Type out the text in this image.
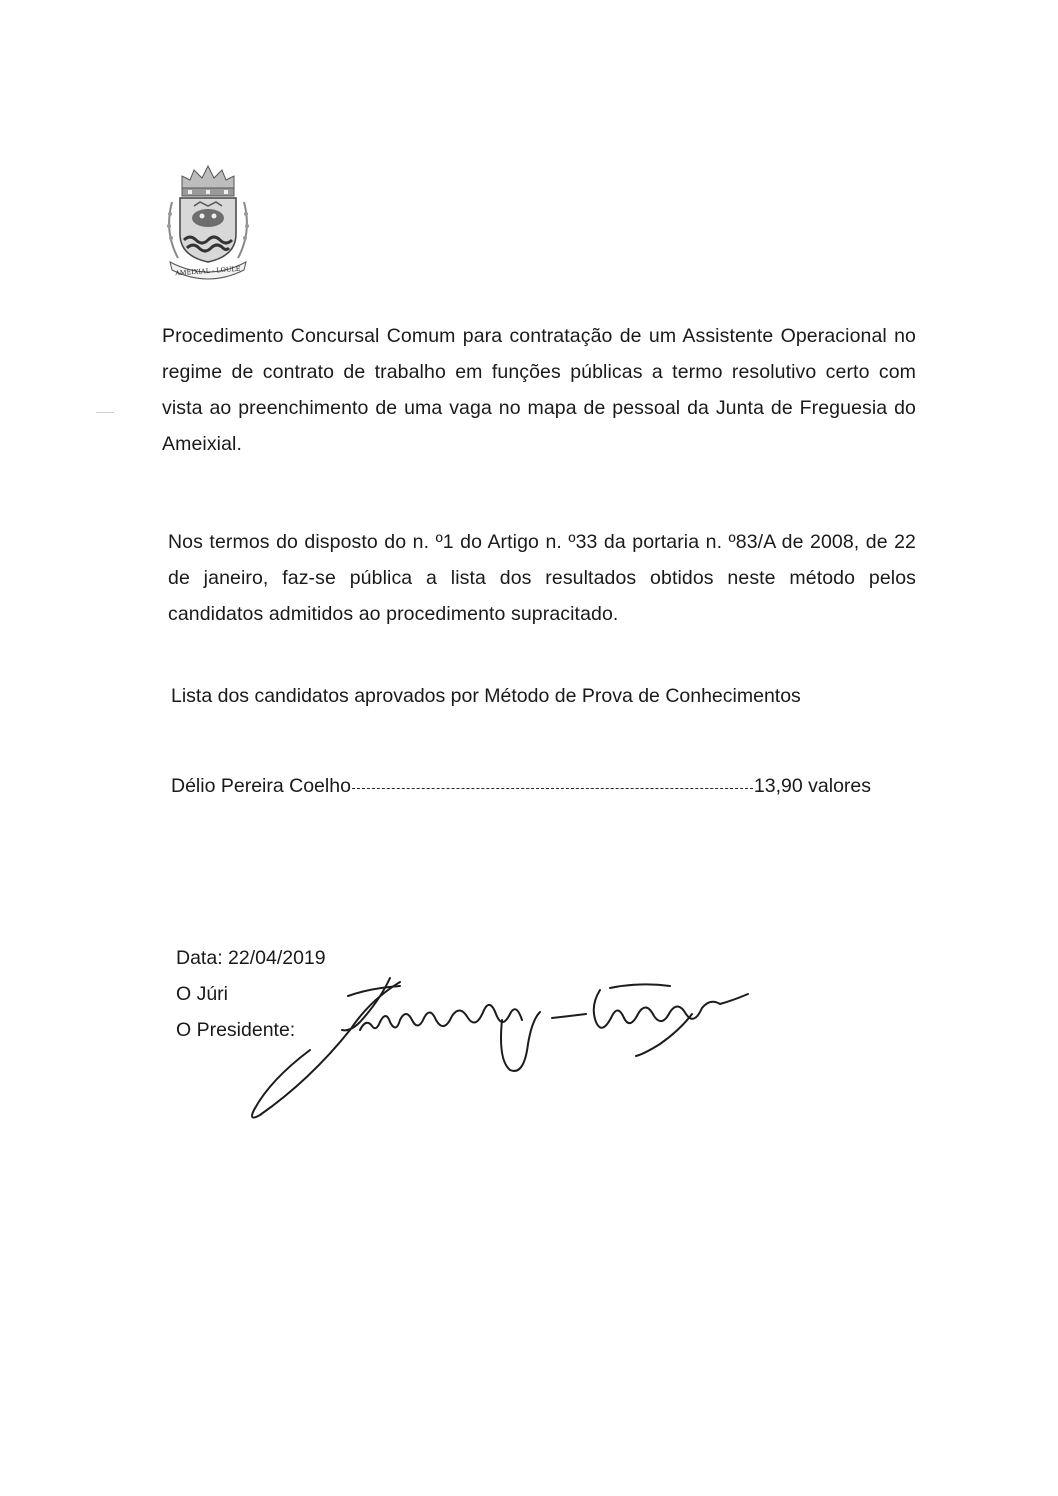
AMEIXIAL - LOULÉ

Procedimento Concursal Comum para contratação de um Assistente Operacional no regime de contrato de trabalho em funções públicas a termo resolutivo certo com vista ao preenchimento de uma vaga no mapa de pessoal da Junta de Freguesia do Ameixial.

Nos termos do disposto do n. º1 do Artigo n. º33 da portaria n. º83/A de 2008, de 22 de janeiro, faz-se pública a lista dos resultados obtidos neste método pelos candidatos admitidos ao procedimento supracitado.

Lista dos candidatos aprovados por Método de Prova de Conhecimentos

Délio Pereira Coelho	13,90 valores
Data: 22/04/2019
O Júri
O Presidente:
